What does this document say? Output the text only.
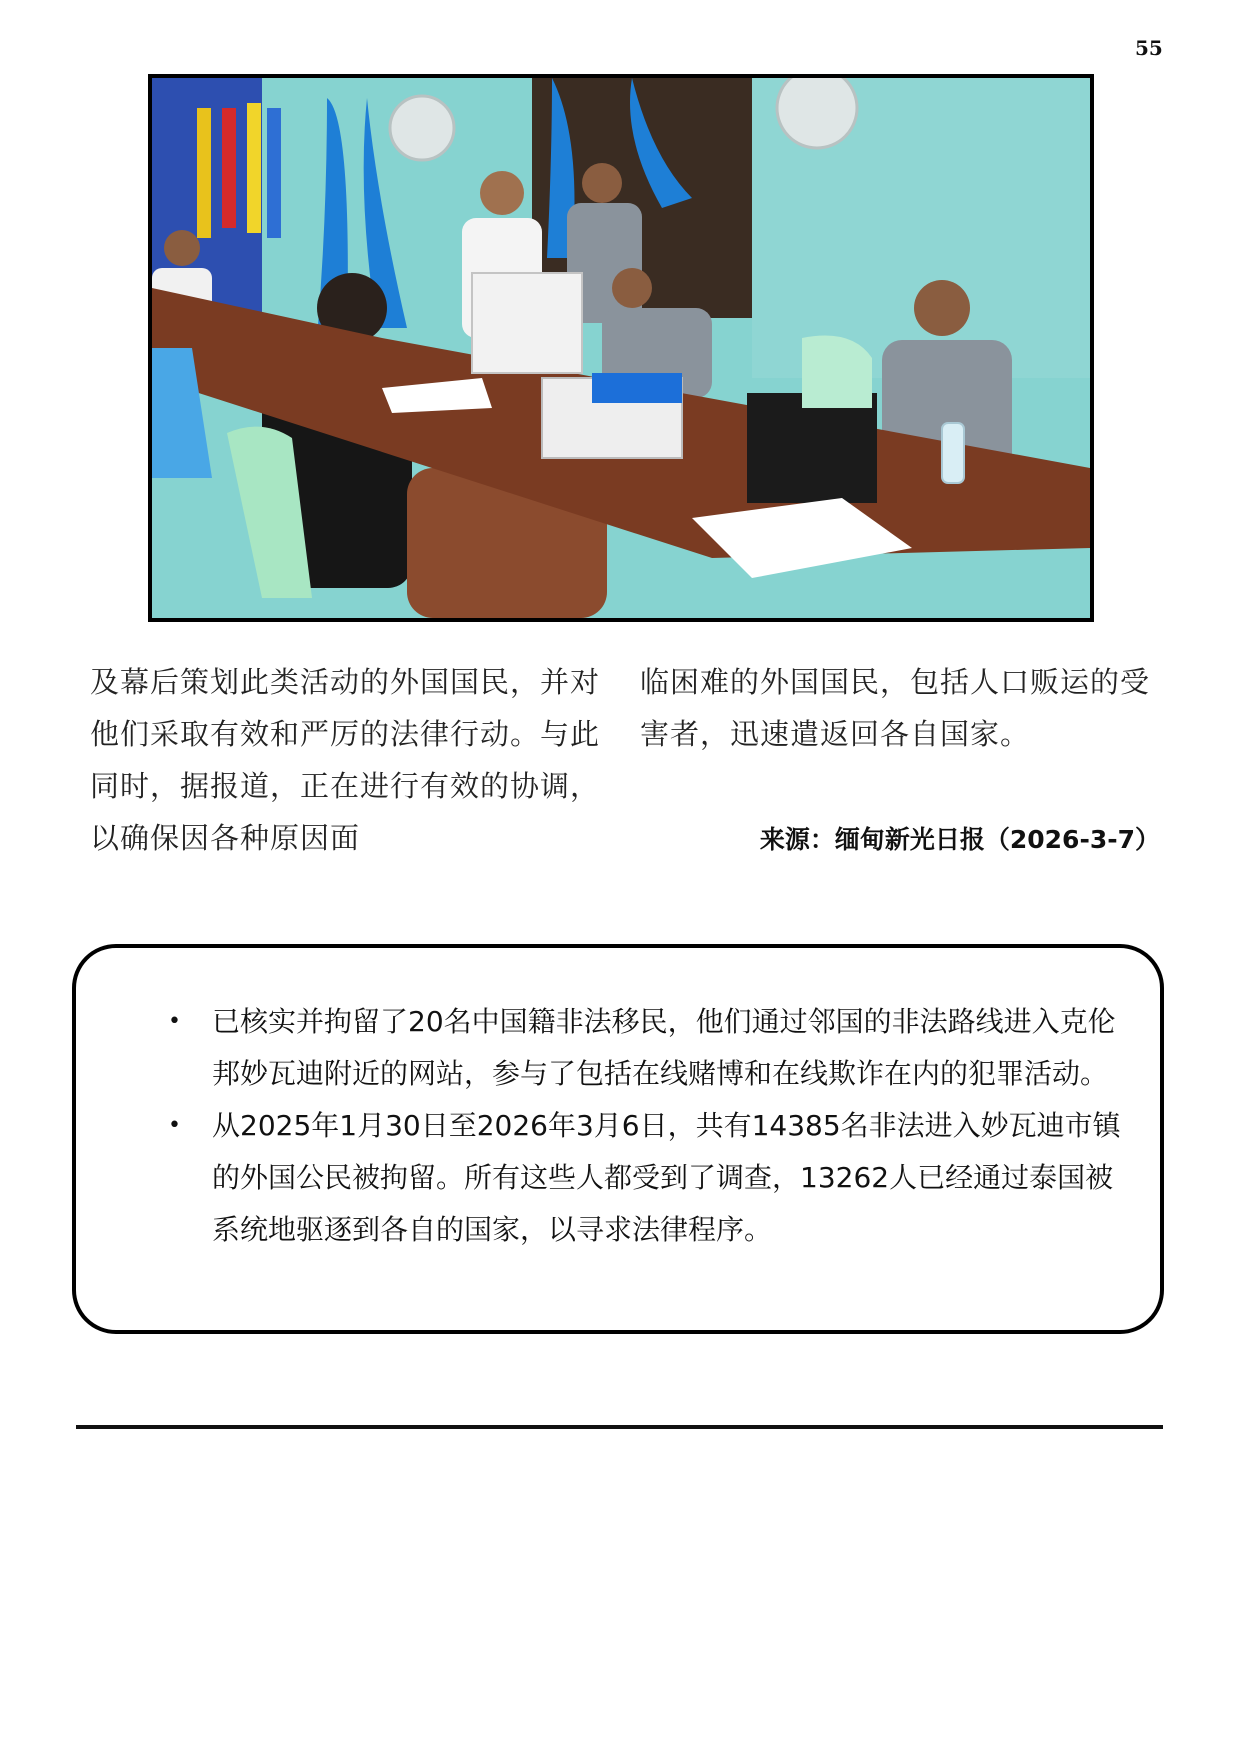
55
及幕后策划此类活动的外国国民，并对他们采取有效和严厉的法律行动。与此同时，据报道，正在进行有效的协调，以确保因各种原因面
临困难的外国国民，包括人口贩运的受害者，迅速遣返回各自国家。
来源：缅甸新光日报（2026-3-7）
• 已核实并拘留了20名中国籍非法移民，他们通过邻国的非法路线进入克伦邦妙瓦迪附近的网站，参与了包括在线赌博和在线欺诈在内的犯罪活动。
• 从2025年1月30日至2026年3月6日，共有14385名非法进入妙瓦迪市镇的外国公民被拘留。所有这些人都受到了调查，13262人已经通过泰国被系统地驱逐到各自的国家，以寻求法律程序。
